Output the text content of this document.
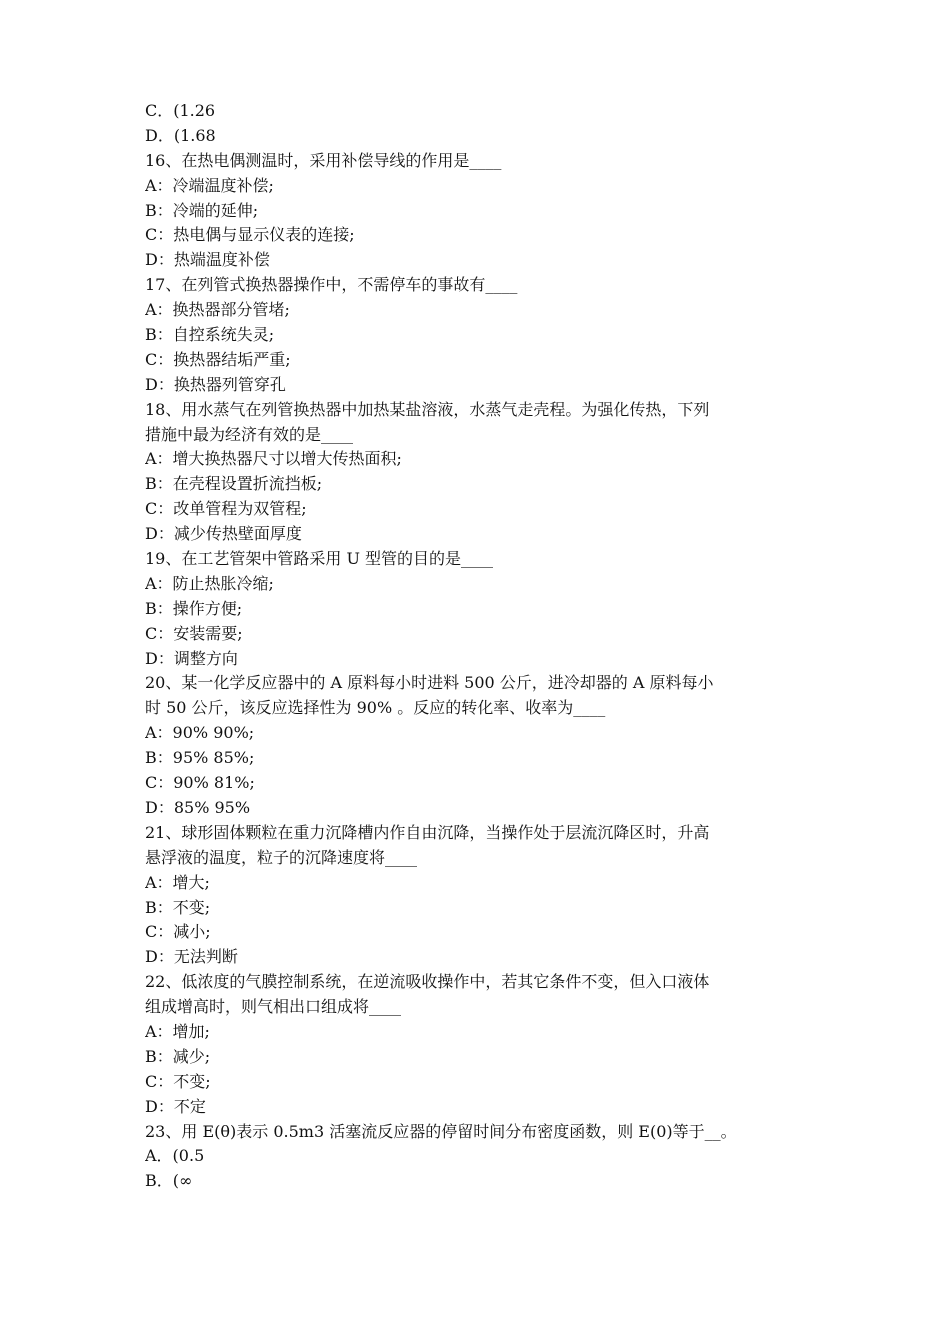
C．(1.26
D．(1.68
16、在热电偶测温时，采用补偿导线的作用是____
A：冷端温度补偿;
B：冷端的延伸;
C：热电偶与显示仪表的连接;
D：热端温度补偿
17、在列管式换热器操作中，不需停车的事故有____
A：换热器部分管堵;
B：自控系统失灵;
C：换热器结垢严重;
D：换热器列管穿孔
18、用水蒸气在列管换热器中加热某盐溶液，水蒸气走壳程。为强化传热，下列
措施中最为经济有效的是____
A：增大换热器尺寸以增大传热面积;
B：在壳程设置折流挡板;
C：改单管程为双管程;
D：减少传热壁面厚度
19、在工艺管架中管路采用 U 型管的目的是____
A：防止热胀冷缩;
B：操作方便;
C：安装需要;
D：调整方向
20、某一化学反应器中的 A 原料每小时进料 500 公斤，进冷却器的 A 原料每小
时 50 公斤，该反应选择性为 90% 。反应的转化率、收率为____
A：90% 90%;
B：95% 85%;
C：90% 81%;
D：85% 95%
21、球形固体颗粒在重力沉降槽内作自由沉降，当操作处于层流沉降区时，升高
悬浮液的温度，粒子的沉降速度将____
A：增大;
B：不变;
C：减小;
D：无法判断
22、低浓度的气膜控制系统，在逆流吸收操作中，若其它条件不变，但入口液体
组成增高时，则气相出口组成将____
A：增加;
B：减少;
C：不变;
D：不定
23、用 E(θ)表示 0.5m3 活塞流反应器的停留时间分布密度函数，则 E(0)等于__。
A．(0.5
B．(∞
